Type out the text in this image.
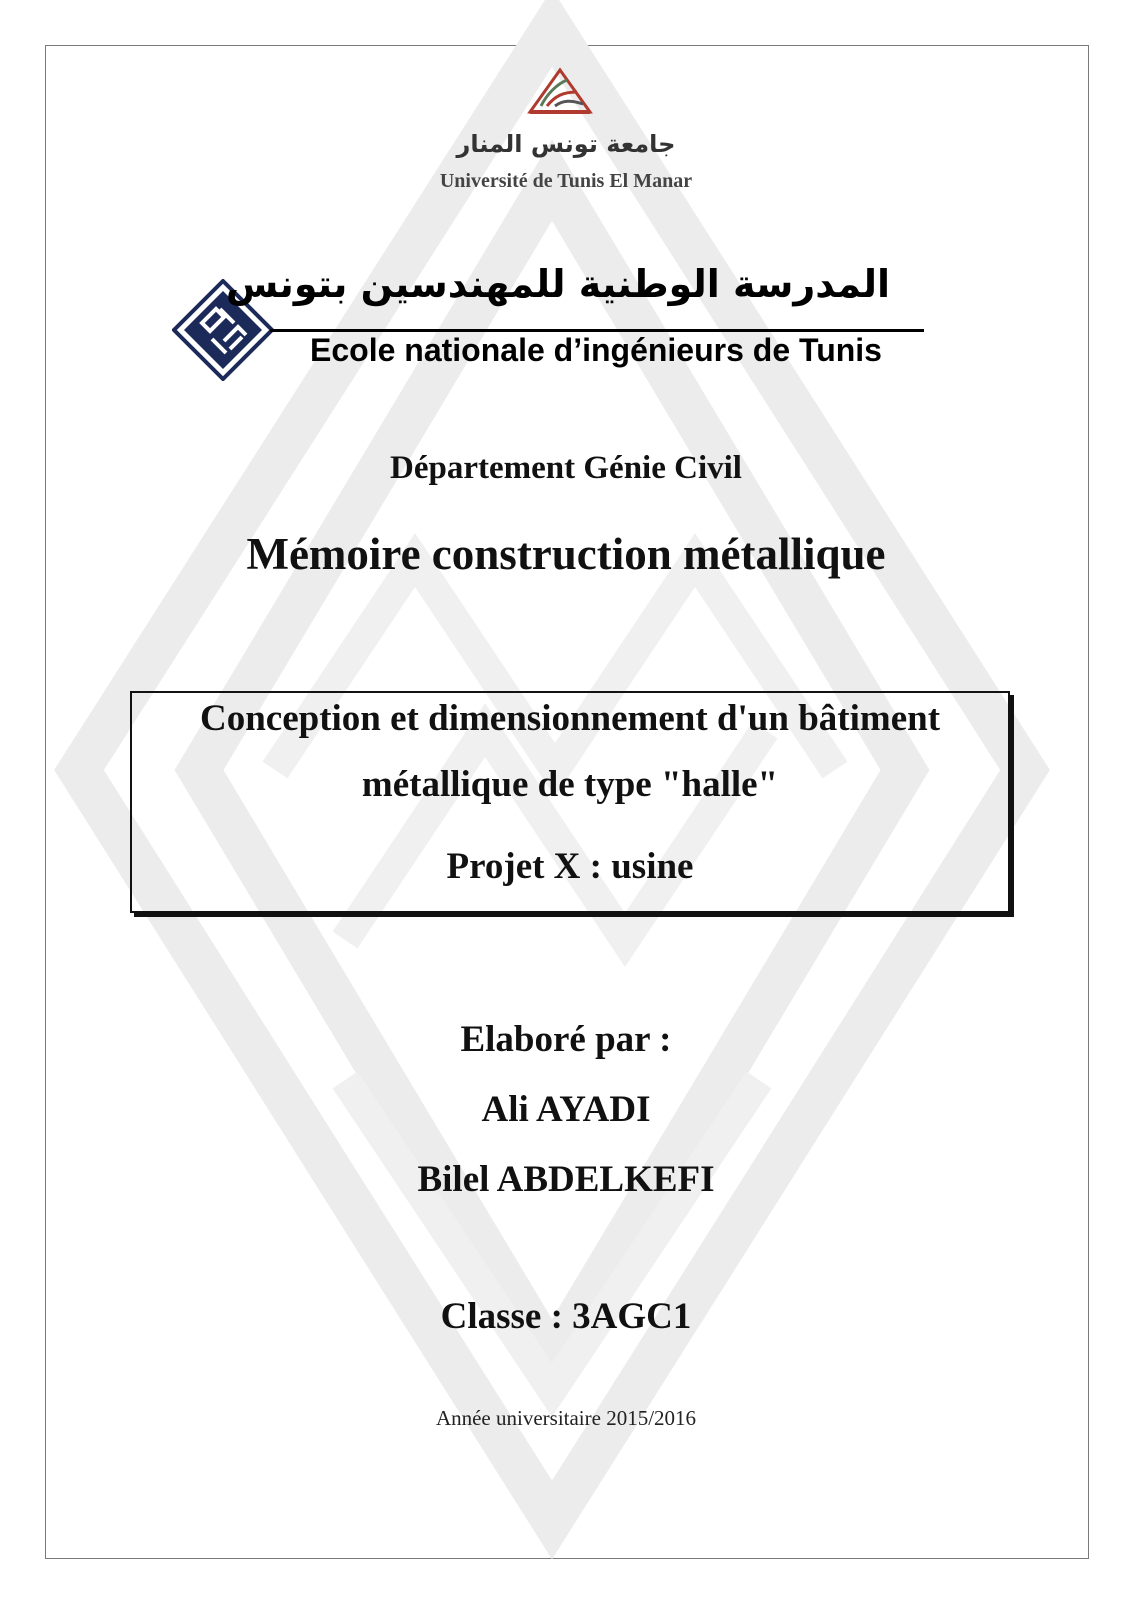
جامعة تونس المنار
Université de Tunis El Manar
المدرسة الوطنية للمهندسين بتونس
Ecole nationale d’ingénieurs de Tunis
Département Génie Civil
Mémoire construction métallique
Conception et dimensionnement d'un bâtiment
métallique de type "halle"
Projet X : usine
Elaboré par :
Ali AYADI
Bilel ABDELKEFI
Classe : 3AGC1
Année universitaire 2015/2016
